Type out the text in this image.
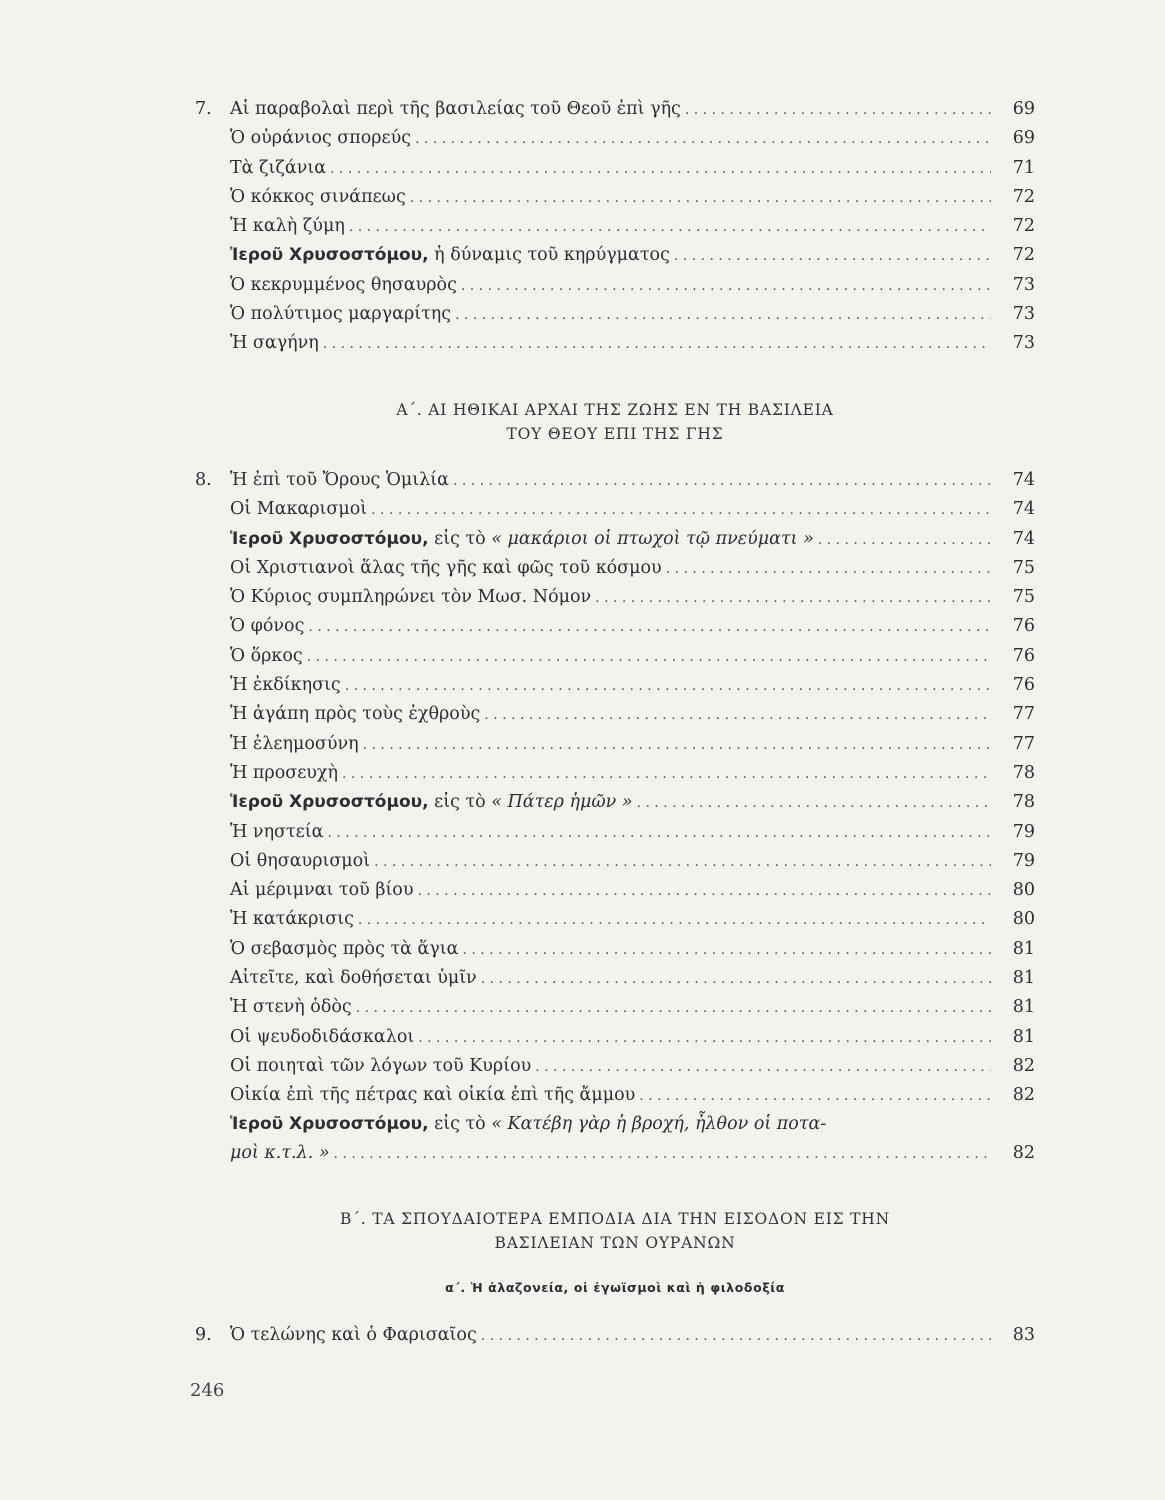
7.	Αἱ παραβολαὶ περὶ τῆς βασιλείας τοῦ Θεοῦ ἐπὶ γῆς . . .	69
Ὁ οὐράνιος σπορεύς . . .	69
Τὰ ζιζάνια . . .	71
Ὁ κόκκος σινάπεως . . .	72
Ἡ καλὴ ζύμη . . .	72
Ἱεροῦ Χρυσοστόμου, ἡ δύναμις τοῦ κηρύγματος . . .	72
Ὁ κεκρυμμένος θησαυρὸς . . .	73
Ὁ πολύτιμος μαργαρίτης . . .	73
Ἡ σαγήνη . . .	73
Α΄. ΑΙ ΗΘΙΚΑΙ ΑΡΧΑΙ ΤΗΣ ΖΩΗΣ ΕΝ ΤΗ ΒΑΣΙΛΕΙΑ
ΤΟΥ ΘΕΟΥ ΕΠΙ ΤΗΣ ΓΗΣ
8.	Ἡ ἐπὶ τοῦ Ὄρους Ὁμιλία . . .	74
Οἱ Μακαρισμοὶ . . .	74
Ἱεροῦ Χρυσοστόμου, εἰς τὸ « μακάριοι οἱ πτωχοὶ τῷ πνεύματι » . . .	74
Οἱ Χριστιανοὶ ἅλας τῆς γῆς καὶ φῶς τοῦ κόσμου . . .	75
Ὁ Κύριος συμπληρώνει τὸν Μωσ. Νόμον . . .	75
Ὁ φόνος . . .	76
Ὁ ὅρκος . . .	76
Ἡ ἐκδίκησις . . .	76
Ἡ ἀγάπη πρὸς τοὺς ἐχθροὺς . . .	77
Ἡ ἐλεημοσύνη . . .	77
Ἡ προσευχὴ . . .	78
Ἱεροῦ Χρυσοστόμου, εἰς τὸ « Πάτερ ἡμῶν » . . .	78
Ἡ νηστεία . . .	79
Οἱ θησαυρισμοὶ . . .	79
Αἱ μέριμναι τοῦ βίου . . .	80
Ἡ κατάκρισις . . .	80
Ὁ σεβασμὸς πρὸς τὰ ἅγια . . .	81
Αἰτεῖτε, καὶ δοθήσεται ὑμῖν . . .	81
Ἡ στενὴ ὁδὸς . . .	81
Οἱ ψευδοδιδάσκαλοι . . .	81
Οἱ ποιηταὶ τῶν λόγων τοῦ Κυρίου . . .	82
Οἰκία ἐπὶ τῆς πέτρας καὶ οἰκία ἐπὶ τῆς ἄμμου . . .	82
Ἱεροῦ Χρυσοστόμου, εἰς τὸ « Κατέβη γὰρ ἡ βροχή, ἦλθον οἱ ποτα-
μοὶ κ.τ.λ. » . . .	82
Β΄. ΤΑ ΣΠΟΥΔΑΙΟΤΕΡΑ ΕΜΠΟΔΙΑ ΔΙΑ ΤΗΝ ΕΙΣΟΔΟΝ ΕΙΣ ΤΗΝ
ΒΑΣΙΛΕΙΑΝ ΤΩΝ ΟΥΡΑΝΩΝ
α΄. Ἡ ἀλαζονεία, οἱ ἐγωϊσμοὶ καὶ ἡ φιλοδοξία
9.	Ὁ τελώνης καὶ ὁ Φαρισαῖος . . .	83
246
